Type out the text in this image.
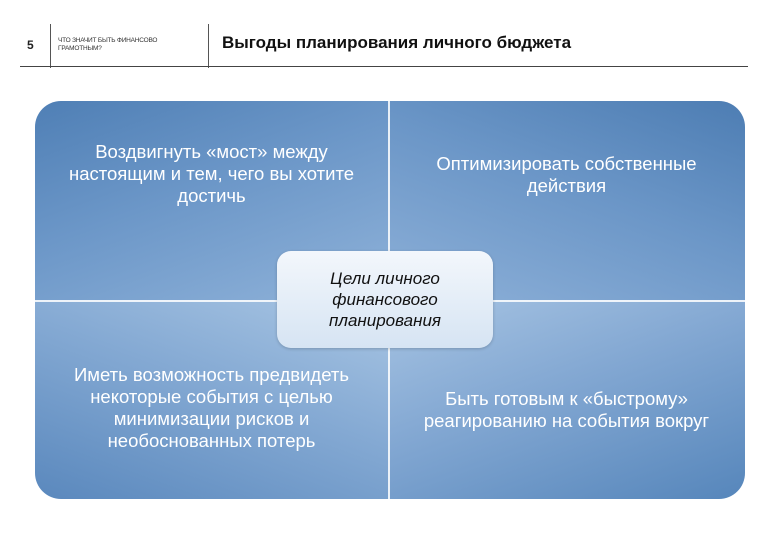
5	ЧТО ЗНАЧИТ БЫТЬ ФИНАНСОВО ГРАМОТНЫМ?	Выгоды планирования личного бюджета
Воздвигнуть «мост» между настоящим и тем, чего вы хотите достичь
Оптимизировать собственные действия
Иметь возможность предвидеть некоторые события с целью минимизации рисков и необоснованных потерь
Быть готовым к «быстрому» реагированию на события вокруг
Цели личного финансового планирования
